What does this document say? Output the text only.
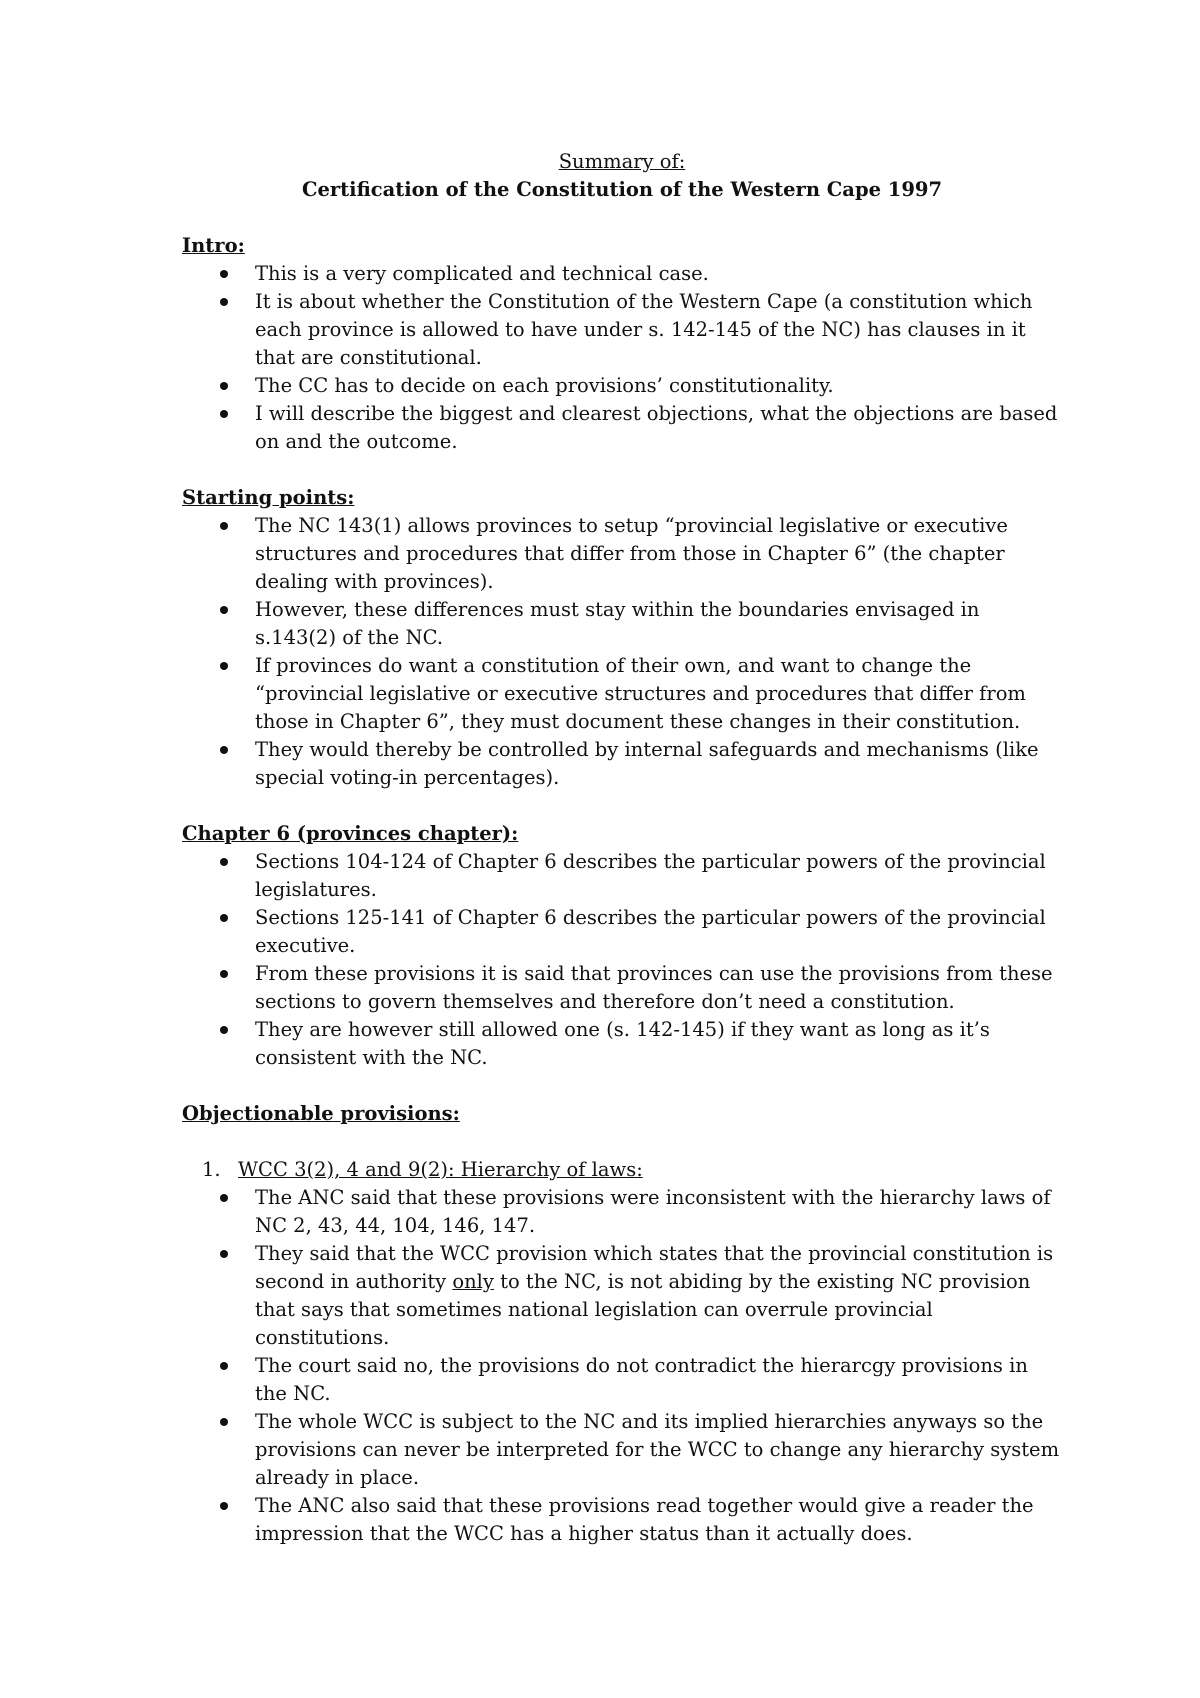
Summary of:
Certification of the Constitution of the Western Cape 1997
Intro:
This is a very complicated and technical case.
It is about whether the Constitution of the Western Cape (a constitution which each province is allowed to have under s. 142-145 of the NC) has clauses in it that are constitutional.
The CC has to decide on each provisions’ constitutionality.
I will describe the biggest and clearest objections, what the objections are based on and the outcome.
Starting points:
The NC 143(1) allows provinces to setup “provincial legislative or executive structures and procedures that differ from those in Chapter 6” (the chapter dealing with provinces).
However, these differences must stay within the boundaries envisaged in s.143(2) of the NC.
If provinces do want a constitution of their own, and want to change the “provincial legislative or executive structures and procedures that differ from those in Chapter 6”, they must document these changes in their constitution.
They would thereby be controlled by internal safeguards and mechanisms (like special voting-in percentages).
Chapter 6 (provinces chapter):
Sections 104-124 of Chapter 6 describes the particular powers of the provincial legislatures.
Sections 125-141 of Chapter 6 describes the particular powers of the provincial executive.
From these provisions it is said that provinces can use the provisions from these sections to govern themselves and therefore don’t need a constitution.
They are however still allowed one (s. 142-145) if they want as long as it’s consistent with the NC.
Objectionable provisions:
1. WCC 3(2), 4 and 9(2): Hierarchy of laws:
The ANC said that these provisions were inconsistent with the hierarchy laws of NC 2, 43, 44, 104, 146, 147.
They said that the WCC provision which states that the provincial constitution is second in authority only to the NC, is not abiding by the existing NC provision that says that sometimes national legislation can overrule provincial constitutions.
The court said no, the provisions do not contradict the hierarcgy provisions in the NC.
The whole WCC is subject to the NC and its implied hierarchies anyways so the provisions can never be interpreted for the WCC to change any hierarchy system already in place.
The ANC also said that these provisions read together would give a reader the impression that the WCC has a higher status than it actually does.
